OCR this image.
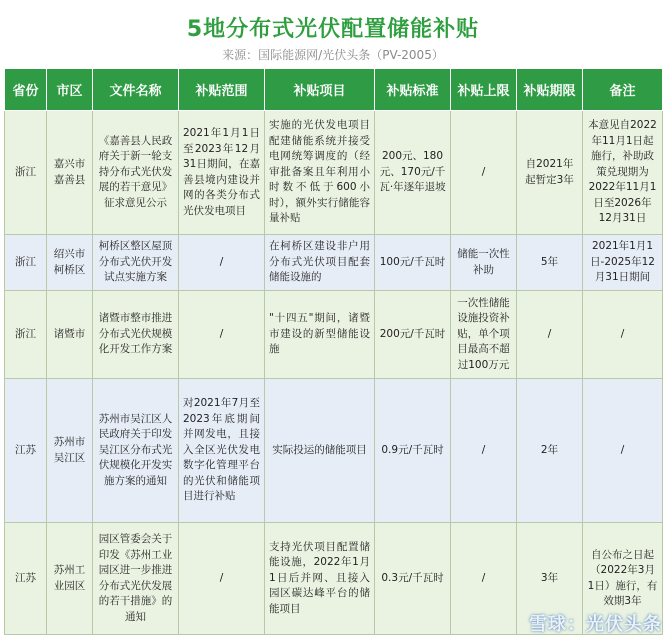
5地分布式光伏配置储能补贴
来源：国际能源网/光伏头条（PV-2005）
省份	市区	文件名称	补贴范围	补贴项目	补贴标准	补贴上限	补贴期限	备注
浙江	嘉兴市嘉善县	《嘉善县人民政府关于新一轮支持分布式光伏发展的若干意见》征求意见公示	2021年1月1日至2023年12月31日期间，在嘉善县境内建设并网的各类分布式光伏发电项目	实施的光伏发电项目配建储能系统并接受电网统筹调度的（经审批备案且年利用小时数不低于600小时），额外实行储能容量补贴	200元、180元、170元/千瓦·年逐年退坡	/	自2021年起暂定3年	本意见自2022年11月1日起施行，补助政策兑现期为2022年11月1日至2026年12月31日
浙江	绍兴市柯桥区	柯桥区整区屋顶分布式光伏开发试点实施方案	/	在柯桥区建设非户用分布式光伏项目配套储能设施的	100元/千瓦时	储能一次性补助	5年	2021年1月1日-2025年12月31日期间
浙江	诸暨市	诸暨市整市推进分布式光伏规模化开发工作方案	/	"十四五"期间，诸暨市建设的新型储能设施	200元/千瓦时	一次性储能设施投资补贴，单个项目最高不超过100万元	/	/
江苏	苏州市吴江区	苏州市吴江区人民政府关于印发吴江区分布式光伏规模化开发实施方案的通知	对2021年7月至2023年底期间并网发电，且接入全区光伏发电数字化管理平台的光伏和储能项目进行补贴	实际投运的储能项目	0.9元/千瓦时	/	2年	/
江苏	苏州工业园区	园区管委会关于印发《苏州工业园区进一步推进分布式光伏发展的若干措施》的通知	/	支持光伏项目配置储能设施，2022年1月1日后并网、且接入园区碳达峰平台的储能项目	0.3元/千瓦时	/	3年	自公布之日起（2022年3月1日）施行，有效期3年
雪球：光伏头条
